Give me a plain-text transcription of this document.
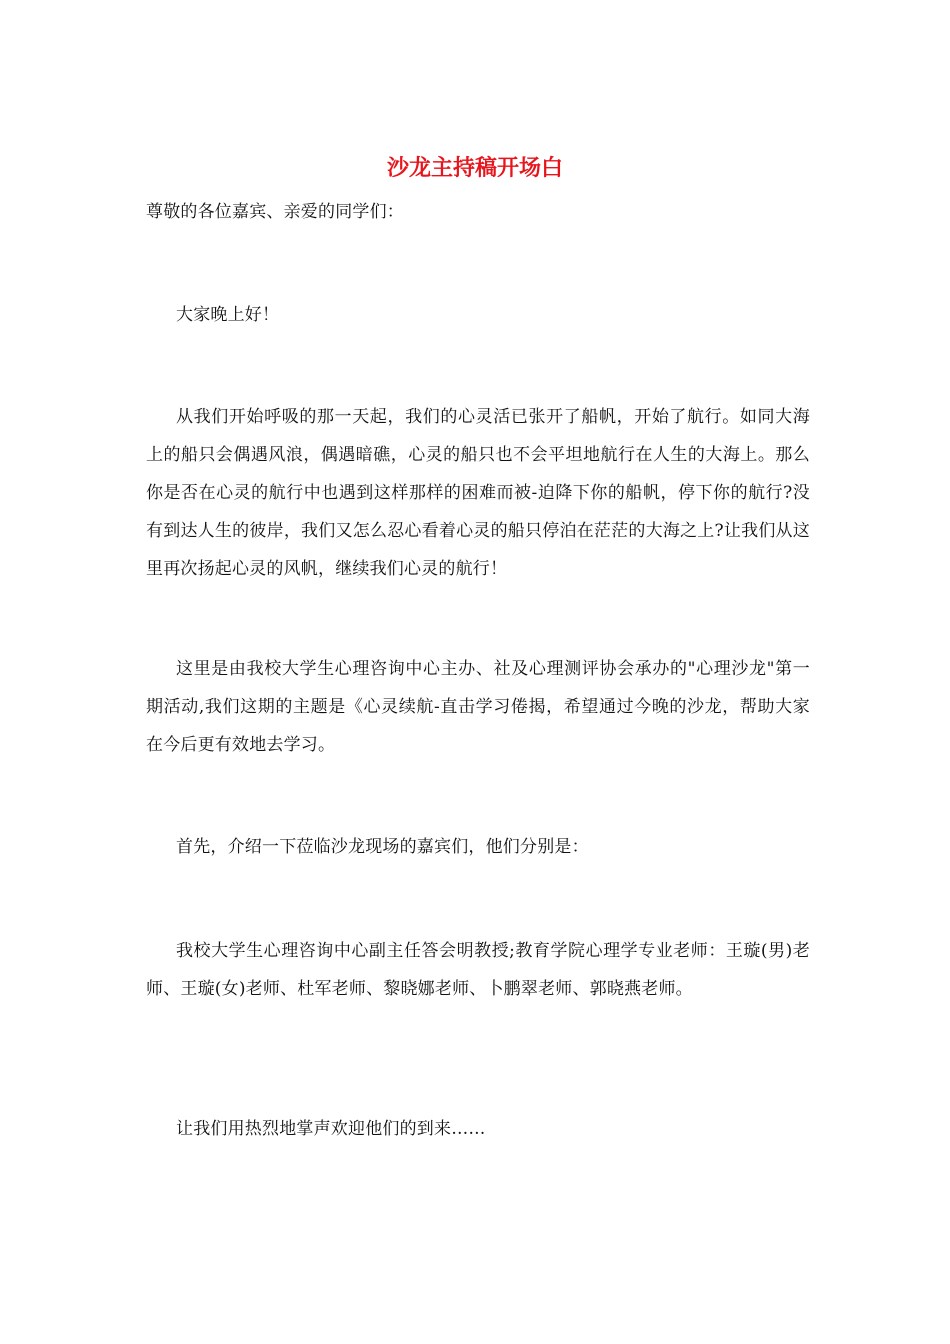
沙龙主持稿开场白

尊敬的各位嘉宾、亲爱的同学们：

大家晚上好！

从我们开始呼吸的那一天起，我们的心灵活已张开了船帆，开始了航行。如同大海上的船只会偶遇风浪，偶遇暗礁，心灵的船只也不会平坦地航行在人生的大海上。那么你是否在心灵的航行中也遇到这样那样的困难而被-迫降下你的船帆，停下你的航行?没有到达人生的彼岸，我们又怎么忍心看着心灵的船只停泊在茫茫的大海之上?让我们从这里再次扬起心灵的风帆，继续我们心灵的航行！

这里是由我校大学生心理咨询中心主办、社及心理测评协会承办的"心理沙龙"第一期活动,我们这期的主题是《心灵续航-直击学习倦揭，希望通过今晚的沙龙，帮助大家在今后更有效地去学习。

首先，介绍一下莅临沙龙现场的嘉宾们，他们分别是：

我校大学生心理咨询中心副主任答会明教授;教育学院心理学专业老师：王璇(男)老师、王璇(女)老师、杜军老师、黎晓娜老师、卜鹏翠老师、郭晓燕老师。

让我们用热烈地掌声欢迎他们的到来……
